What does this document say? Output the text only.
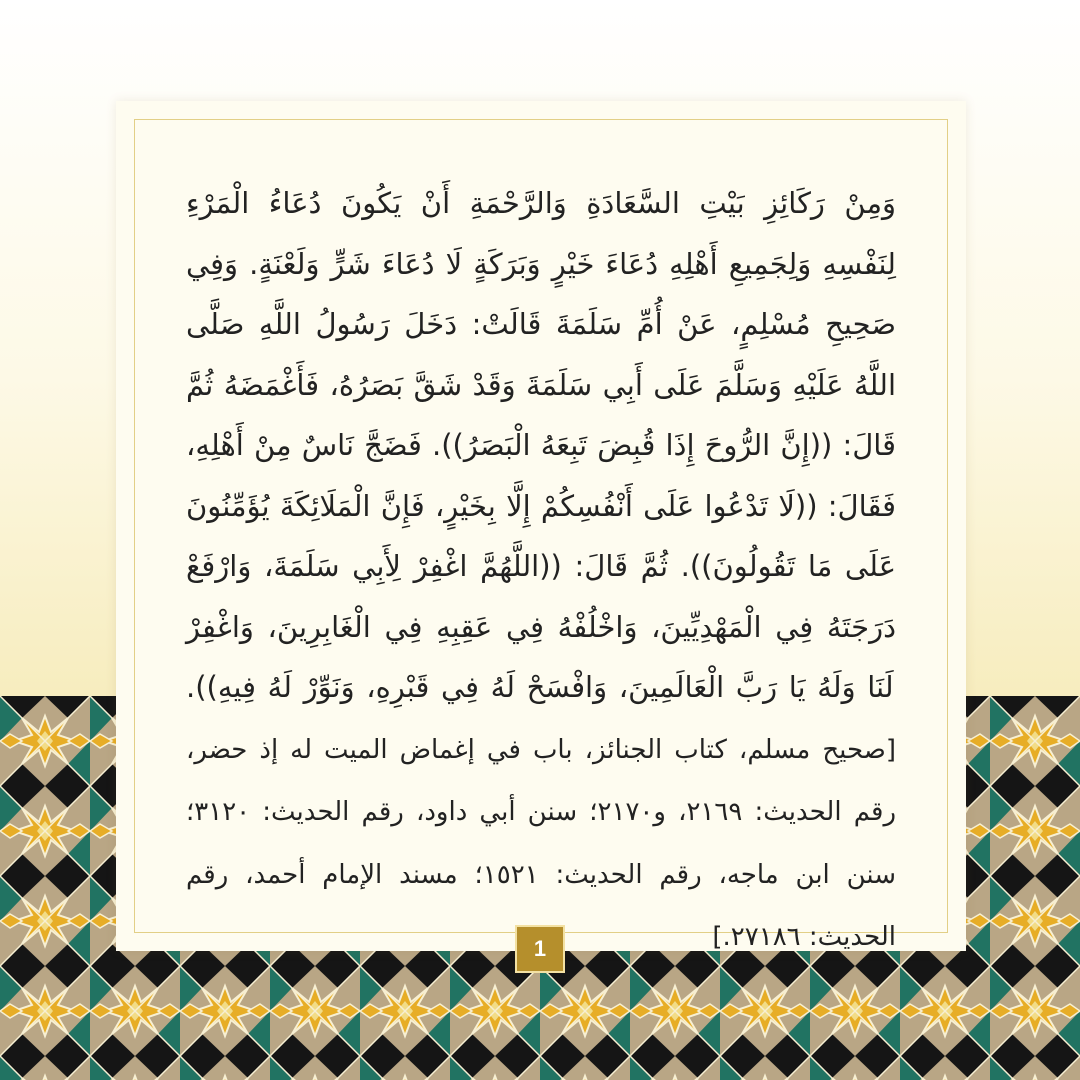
وَمِنْ رَكَائِزِ بَيْتِ السَّعَادَةِ وَالرَّحْمَةِ أَنْ يَكُونَ دُعَاءُ الْمَرْءِ لِنَفْسِهِ وَلِجَمِيعِ أَهْلِهِ دُعَاءَ خَيْرٍ وَبَرَكَةٍ لَا دُعَاءَ شَرٍّ وَلَعْنَةٍ. وَفِي صَحِيحِ مُسْلِمٍ، عَنْ أُمِّ سَلَمَةَ قَالَتْ: دَخَلَ رَسُولُ اللَّهِ صَلَّى اللَّهُ عَلَيْهِ وَسَلَّمَ عَلَى أَبِي سَلَمَةَ وَقَدْ شَقَّ بَصَرُهُ، فَأَغْمَضَهُ ثُمَّ قَالَ: ((إِنَّ الرُّوحَ إِذَا قُبِضَ تَبِعَهُ الْبَصَرُ)). فَضَجَّ نَاسٌ مِنْ أَهْلِهِ، فَقَالَ: ((لَا تَدْعُوا عَلَى أَنْفُسِكُمْ إِلَّا بِخَيْرٍ، فَإِنَّ الْمَلَائِكَةَ يُؤَمِّنُونَ عَلَى مَا تَقُولُونَ)). ثُمَّ قَالَ: ((اللَّهُمَّ اغْفِرْ لِأَبِي سَلَمَةَ، وَارْفَعْ دَرَجَتَهُ فِي الْمَهْدِيِّينَ، وَاخْلُفْهُ فِي عَقِبِهِ فِي الْغَابِرِينَ، وَاغْفِرْ لَنَا وَلَهُ يَا رَبَّ الْعَالَمِينَ، وَافْسَحْ لَهُ فِي قَبْرِهِ، وَنَوِّرْ لَهُ فِيهِ)). [صحيح مسلم، كتاب الجنائز، باب في إغماض الميت له إذ حضر، رقم الحديث: ٢١٦٩، و٢١٧٠؛ سنن أبي داود، رقم الحديث: ٣١٢٠؛ سنن ابن ماجه، رقم الحديث: ١٥٢١؛ مسند الإمام أحمد، رقم الحديث: ٢٧١٨٦.]
1
